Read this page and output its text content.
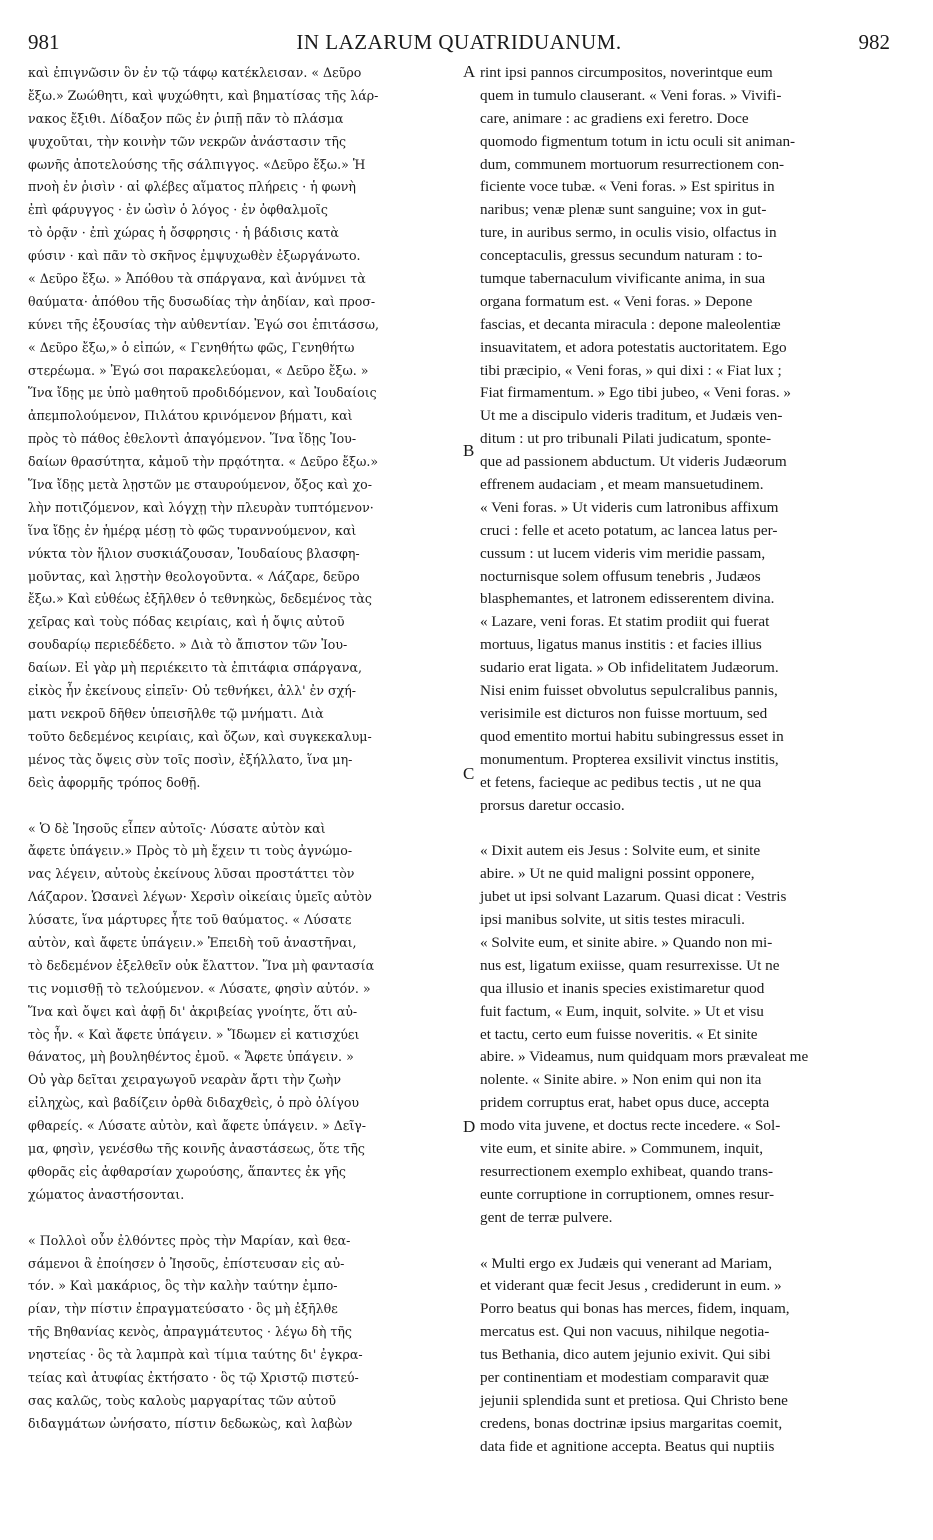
981	IN LAZARUM QUATRIDUANUM.	982
καὶ ἐπιγνῶσιν ὃν ἐν τῷ τάφῳ κατέκλεισαν. « Δεῦρο
ἔξω.» Ζωώθητι, καὶ ψυχώθητι, καὶ βηματίσας τῆς λάρ-
νακος ἔξιθι. Δίδαξον πῶς ἐν ῥιπῇ πᾶν τὸ πλάσμα
ψυχοῦται, τὴν κοινὴν τῶν νεκρῶν ἀνάστασιν τῆς
φωνῆς ἀποτελούσης τῆς σάλπιγγος. «Δεῦρο ἔξω.» Ἡ
πνοὴ ἐν ῥισὶν · αἱ φλέβες αἵματος πλήρεις · ἡ φωνὴ
ἐπὶ φάρυγγος · ἐν ὠσὶν ὁ λόγος · ἐν ὀφθαλμοῖς
τὸ ὁρᾷν · ἐπὶ χώρας ἡ ὄσφρησις · ἡ βάδισις κατὰ
φύσιν · καὶ πᾶν τὸ σκῆνος ἐμψυχωθὲν ἐξωργάνωτο.
« Δεῦρο ἔξω. » Ἀπόθου τὰ σπάργανα, καὶ ἀνύμνει τὰ
θαύματα· ἀπόθου τῆς δυσωδίας τὴν ἀηδίαν, καὶ προσ-
κύνει τῆς ἐξουσίας τὴν αὐθεντίαν. Ἐγώ σοι ἐπιτάσσω,
« Δεῦρο ἔξω,» ὁ εἰπών, « Γενηθήτω φῶς, Γενηθήτω
στερέωμα. » Ἐγώ σοι παρακελεύομαι, « Δεῦρο ἔξω. »
Ἵνα ἴδῃς με ὑπὸ μαθητοῦ προδιδόμενον, καὶ Ἰουδαίοις
ἀπεμπολούμενον, Πιλάτου κρινόμενον βήματι, καὶ
πρὸς τὸ πάθος ἐθελοντὶ ἀπαγόμενον. Ἵνα ἴδῃς Ἰου-
δαίων θρασύτητα, κἀμοῦ τὴν πρᾳότητα. « Δεῦρο ἔξω.»
Ἵνα ἴδῃς μετὰ λῃστῶν με σταυρούμενον, ὄξος καὶ χο-
λὴν ποτιζόμενον, καὶ λόγχῃ τὴν πλευρὰν τυπτόμενον·
ἵνα ἴδῃς ἐν ἡμέρᾳ μέσῃ τὸ φῶς τυραννούμενον, καὶ
νύκτα τὸν ἥλιον συσκιάζουσαν, Ἰουδαίους βλασφη-
μοῦντας, καὶ λῃστὴν θεολογοῦντα. « Λάζαρε, δεῦρο
ἔξω.» Καὶ εὐθέως ἐξῆλθεν ὁ τεθνηκὼς, δεδεμένος τὰς
χεῖρας καὶ τοὺς πόδας κειρίαις, καὶ ἡ ὄψις αὐτοῦ
σουδαρίῳ περιεδέδετο. » Διὰ τὸ ἄπιστον τῶν Ἰου-
δαίων. Εἰ γὰρ μὴ περιέκειτο τὰ ἐπιτάφια σπάργανα,
εἰκὸς ἦν ἐκείνους εἰπεῖν· Οὐ τεθνήκει, ἀλλ' ἐν σχή-
ματι νεκροῦ δῆθεν ὑπεισῆλθε τῷ μνήματι. Διὰ
τοῦτο δεδεμένος κειρίαις, καὶ ὄζων, καὶ συγκεκαλυμ-
μένος τὰς ὄψεις σὺν τοῖς ποσὶν, ἐξήλλατο, ἵνα μη-
δεὶς ἀφορμῆς τρόπος δοθῇ.
« Ὁ δὲ Ἰησοῦς εἶπεν αὐτοῖς· Λύσατε αὐτὸν καὶ
ἄφετε ὑπάγειν.» Πρὸς τὸ μὴ ἔχειν τι τοὺς ἀγνώμο-
νας λέγειν, αὐτοὺς ἐκείνους λῦσαι προστάττει τὸν
Λάζαρον. Ὡσανεὶ λέγων· Χερσὶν οἰκείαις ὑμεῖς αὐτὸν
λύσατε, ἵνα μάρτυρες ἦτε τοῦ θαύματος. « Λύσατε
αὐτὸν, καὶ ἄφετε ὑπάγειν.» Ἐπειδὴ τοῦ ἀναστῆναι,
τὸ δεδεμένον ἐξελθεῖν οὐκ ἔλαττον. Ἵνα μὴ φαντασία
τις νομισθῇ τὸ τελούμενον. « Λύσατε, φησὶν αὐτόν. »
Ἵνα καὶ ὄψει καὶ ἀφῇ δι' ἀκριβείας γνοίητε, ὅτι αὐ-
τὸς ἦν. « Καὶ ἄφετε ὑπάγειν. » Ἴδωμεν εἰ κατισχύει
θάνατος, μὴ βουληθέντος ἐμοῦ. « Ἄφετε ὑπάγειν. »
Οὐ γὰρ δεῖται χειραγωγοῦ νεαρὰν ἄρτι τὴν ζωὴν
εἰληχὼς, καὶ βαδίζειν ὀρθὰ διδαχθεὶς, ὁ πρὸ ὀλίγου
φθαρείς. « Λύσατε αὐτὸν, καὶ ἄφετε ὑπάγειν. » Δεῖγ-
μα, φησὶν, γενέσθω τῆς κοινῆς ἀναστάσεως, ὅτε τῆς
φθορᾶς εἰς ἀφθαρσίαν χωρούσης, ἅπαντες ἐκ γῆς
χώματος ἀναστήσονται.
« Πολλοὶ οὖν ἐλθόντες πρὸς τὴν Μαρίαν, καὶ θεα-
σάμενοι ἃ ἐποίησεν ὁ Ἰησοῦς, ἐπίστευσαν εἰς αὐ-
τόν. » Καὶ μακάριος, ὃς τὴν καλὴν ταύτην ἐμπο-
ρίαν, τὴν πίστιν ἐπραγματεύσατο · ὃς μὴ ἐξῆλθε
τῆς Βηθανίας κενὸς, ἀπραγμάτευτος · λέγω δὴ τῆς
νηστείας · ὃς τὰ λαμπρὰ καὶ τίμια ταύτης δι' ἐγκρα-
τείας καὶ ἀτυφίας ἐκτήσατο · ὃς τῷ Χριστῷ πιστεύ-
σας καλῶς, τοὺς καλοὺς μαργαρίτας τῶν αὐτοῦ
διδαγμάτων ὠνήσατο, πίστιν δεδωκὼς, καὶ λαβὼν
rint ipsi pannos circumpositos, noverintque eum
quem in tumulo clauserant. « Veni foras. » Vivifi-
care, animare : ac gradiens exi feretro. Doce
quomodo figmentum totum in ictu oculi sit animan-
dum, communem mortuorum resurrectionem con-
ficiente voce tubæ. « Veni foras. » Est spiritus in
naribus; venæ plenæ sunt sanguine; vox in gut-
ture, in auribus sermo, in oculis visio, olfactus in
conceptaculis, gressus secundum naturam : to-
tumque tabernaculum vivificante anima, in sua
organa formatum est. « Veni foras. » Depone
fascias, et decanta miracula : depone maleolentiæ
insuavitatem, et adora potestatis auctoritatem. Ego
tibi præcipio, « Veni foras, » qui dixi : « Fiat lux ;
Fiat firmamentum. » Ego tibi jubeo, « Veni foras. »
Ut me a discipulo videris traditum, et Judæis ven-
ditum : ut pro tribunali Pilati judicatum, sponte-
que ad passionem abductum. Ut videris Judæorum
effrenem audaciam , et meam mansuetudinem.
« Veni foras. » Ut videris cum latronibus affixum
cruci : felle et aceto potatum, ac lancea latus per-
cussum : ut lucem videris vim meridie passam,
nocturnisque solem offusum tenebris , Judæos
blasphemantes, et latronem edisserentem divina.
« Lazare, veni foras. Et statim prodiit qui fuerat
mortuus, ligatus manus institis : et facies illius
sudario erat ligata. » Ob infidelitatem Judæorum.
Nisi enim fuisset obvolutus sepulcralibus pannis,
verisimile est dicturos non fuisse mortuum, sed
quod ementito mortui habitu subingressus esset in
monumentum. Propterea exsilivit vinctus institis,
et fetens, facieque ac pedibus tectis , ut ne qua
prorsus daretur occasio.
« Dixit autem eis Jesus : Solvite eum, et sinite
abire. » Ut ne quid maligni possint opponere,
jubet ut ipsi solvant Lazarum. Quasi dicat : Vestris
ipsi manibus solvite, ut sitis testes miraculi.
« Solvite eum, et sinite abire. » Quando non mi-
nus est, ligatum exiisse, quam resurrexisse. Ut ne
qua illusio et inanis species existimaretur quod
fuit factum, « Eum, inquit, solvite. » Ut et visu
et tactu, certo eum fuisse noveritis. « Et sinite
abire. » Videamus, num quidquam mors prævaleat me
nolente. « Sinite abire. » Non enim qui non ita
pridem corruptus erat, habet opus duce, accepta
modo vita juvene, et doctus recte incedere. « Sol-
vite eum, et sinite abire. » Communem, inquit,
resurrectionem exemplo exhibeat, quando trans-
eunte corruptione in corruptionem, omnes resur-
gent de terræ pulvere.
« Multi ergo ex Judæis qui venerant ad Mariam,
et viderant quæ fecit Jesus , crediderunt in eum. »
Porro beatus qui bonas has merces, fidem, inquam,
mercatus est. Qui non vacuus, nihilque negotia-
tus Bethania, dico autem jejunio exivit. Qui sibi
per continentiam et modestiam comparavit quæ
jejunii splendida sunt et pretiosa. Qui Christo bene
credens, bonas doctrinæ ipsius margaritas coemit,
data fide et agnitione accepta. Beatus qui nuptiis
A
B
C
D
